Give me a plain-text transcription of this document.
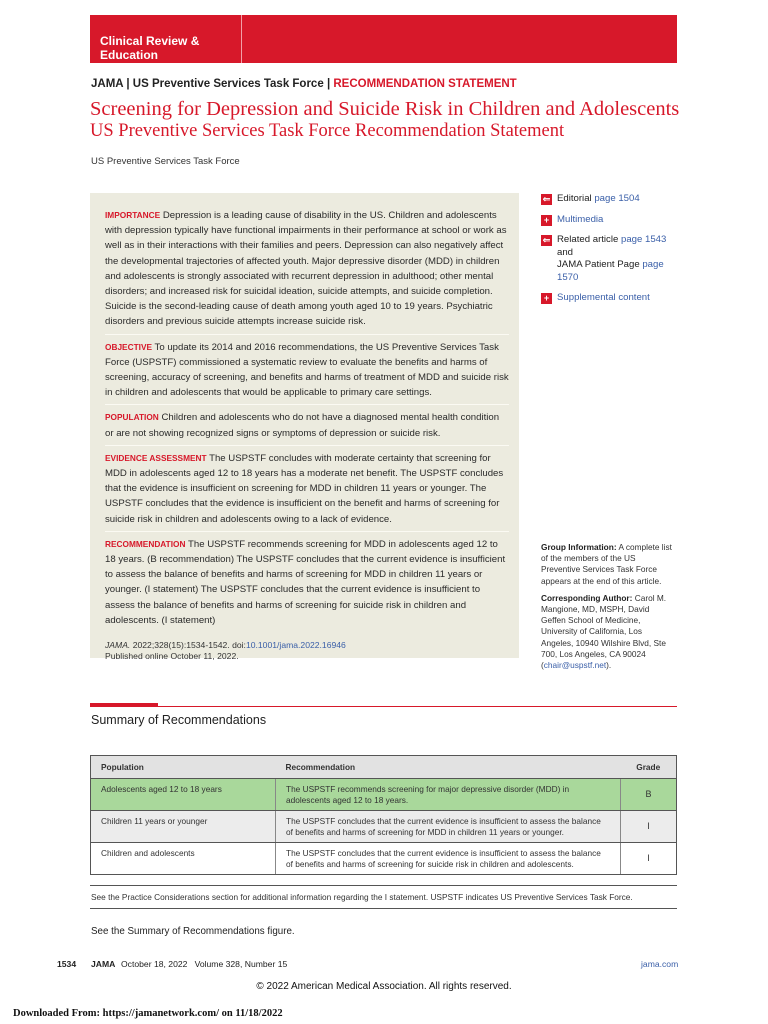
Clinical Review & Education
JAMA | US Preventive Services Task Force | RECOMMENDATION STATEMENT
Screening for Depression and Suicide Risk in Children and Adolescents
US Preventive Services Task Force Recommendation Statement
US Preventive Services Task Force

IMPORTANCE Depression is a leading cause of disability in the US. Children and adolescents with depression typically have functional impairments in their performance at school or work as well as in their interactions with their families and peers. Depression can also negatively affect the developmental trajectories of affected youth. Major depressive disorder (MDD) in children and adolescents is strongly associated with recurrent depression in adulthood; other mental disorders; and increased risk for suicidal ideation, suicide attempts, and suicide completion. Suicide is the second-leading cause of death among youth aged 10 to 19 years. Psychiatric disorders and previous suicide attempts increase suicide risk.

OBJECTIVE To update its 2014 and 2016 recommendations, the US Preventive Services Task Force (USPSTF) commissioned a systematic review to evaluate the benefits and harms of screening, accuracy of screening, and benefits and harms of treatment of MDD and suicide risk in children and adolescents that would be applicable to primary care settings.

POPULATION Children and adolescents who do not have a diagnosed mental health condition or are not showing recognized signs or symptoms of depression or suicide risk.

EVIDENCE ASSESSMENT The USPSTF concludes with moderate certainty that screening for MDD in adolescents aged 12 to 18 years has a moderate net benefit. The USPSTF concludes that the evidence is insufficient on screening for MDD in children 11 years or younger. The USPSTF concludes that the evidence is insufficient on the benefit and harms of screening for suicide risk in children and adolescents owing to a lack of evidence.

RECOMMENDATION The USPSTF recommends screening for MDD in adolescents aged 12 to 18 years. (B recommendation) The USPSTF concludes that the current evidence is insufficient to assess the balance of benefits and harms of screening for MDD in children 11 years or younger. (I statement) The USPSTF concludes that the current evidence is insufficient to assess the balance of benefits and harms of screening for suicide risk in children and adolescents. (I statement)

JAMA. 2022;328(15):1534-1542. doi:10.1001/jama.2022.16946
Published online October 11, 2022.
⇐ Editorial page 1504
+ Multimedia
⇐ Related article page 1543 and
JAMA Patient Page page 1570
+ Supplemental content

Group Information: A complete list of the members of the US Preventive Services Task Force appears at the end of this article.

Corresponding Author: Carol M. Mangione, MD, MSPH, David Geffen School of Medicine, University of California, Los Angeles, 10940 Wilshire Blvd, Ste 700, Los Angeles, CA 90024 (chair@uspstf.net).

Summary of Recommendations
Population	Recommendation	Grade
Adolescents aged 12 to 18 years	The USPSTF recommends screening for major depressive disorder (MDD) in adolescents aged 12 to 18 years.	B
Children 11 years or younger	The USPSTF concludes that the current evidence is insufficient to assess the balance of benefits and harms of screening for MDD in children 11 years or younger.	I
Children and adolescents	The USPSTF concludes that the current evidence is insufficient to assess the balance of benefits and harms of screening for suicide risk in children and adolescents.	I
See the Practice Considerations section for additional information regarding the I statement. USPSTF indicates US Preventive Services Task Force.
See the Summary of Recommendations figure.
1534 JAMA October 18, 2022   Volume 328, Number 15	jama.com
© 2022 American Medical Association. All rights reserved.
Downloaded From: https://jamanetwork.com/ on 11/18/2022
